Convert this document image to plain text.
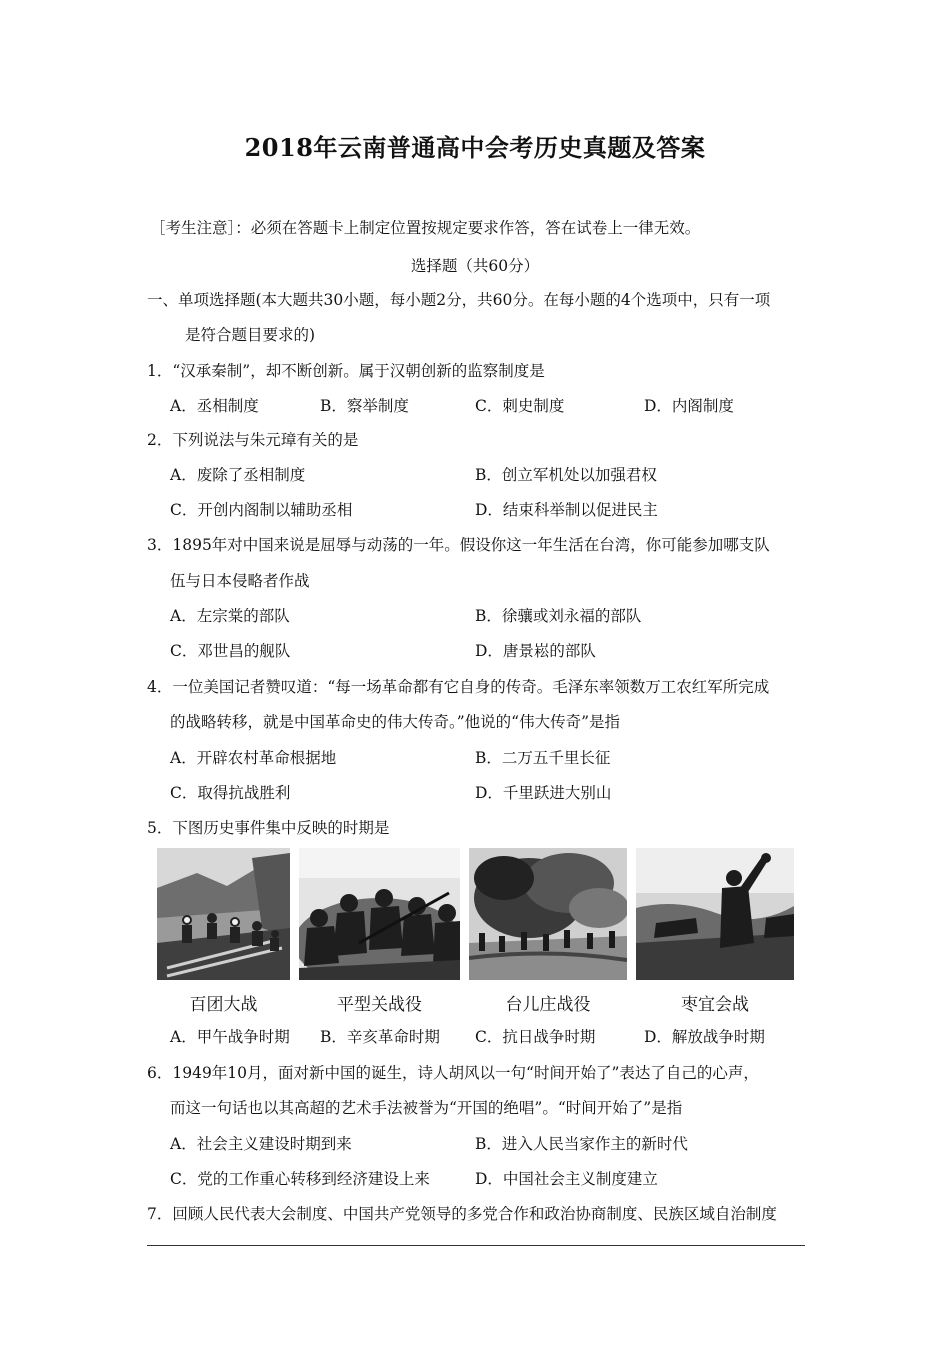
2018年云南普通高中会考历史真题及答案
［考生注意］：必须在答题卡上制定位置按规定要求作答，答在试卷上一律无效。
选择题（共60分）
一、单项选择题(本大题共30小题，每小题2分，共60分。在每小题的4个选项中，只有一项
是符合题目要求的)
1．“汉承秦制”，却不断创新。属于汉朝创新的监察制度是
A．丞相制度	B．察举制度	C．刺史制度	D．内阁制度
2．下列说法与朱元璋有关的是
A．废除了丞相制度	B．创立军机处以加强君权
C．开创内阁制以辅助丞相	D．结束科举制以促进民主
3．1895年对中国来说是屈辱与动荡的一年。假设你这一年生活在台湾，你可能参加哪支队
伍与日本侵略者作战
A．左宗棠的部队	B．徐骧或刘永福的部队
C．邓世昌的舰队	D．唐景崧的部队
4．一位美国记者赞叹道：“每一场革命都有它自身的传奇。毛泽东率领数万工农红军所完成
的战略转移，就是中国革命史的伟大传奇。”他说的“伟大传奇”是指
A．开辟农村革命根据地	B．二万五千里长征
C．取得抗战胜利	D．千里跃进大别山
5．下图历史事件集中反映的时期是
百团大战	平型关战役	台儿庄战役	枣宜会战
A．甲午战争时期 B．辛亥革命时期 C．抗日战争时期	D．解放战争时期
6．1949年10月，面对新中国的诞生，诗人胡风以一句“时间开始了”表达了自己的心声，
而这一句话也以其高超的艺术手法被誉为“开国的绝唱”。“时间开始了”是指
A．社会主义建设时期到来	B．进入人民当家作主的新时代
C．党的工作重心转移到经济建设上来	D．中国社会主义制度建立
7．回顾人民代表大会制度、中国共产党领导的多党合作和政治协商制度、民族区域自治制度
